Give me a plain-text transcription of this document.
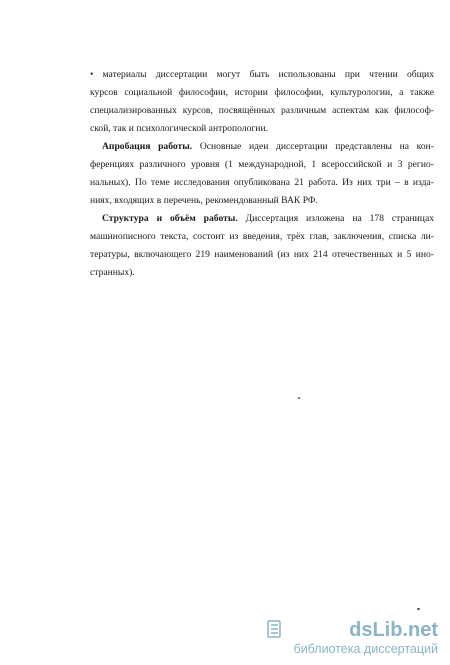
• материалы диссертации могут быть использованы при чтении общих
курсов социальной философии, истории философии, культурологии, а также
специализированных курсов, посвящённых различным аспектам как философ-
ской, так и психологической антропологии.
Апробация работы. Основные идеи диссертации представлены на кон-
ференциях различного уровня (1 международной, 1 всероссийской и 3 регио-
нальных). По теме исследования опубликована 21 работа. Из них три – в изда-
ниях, входящих в перечень, рекомендованный ВАК РФ.
Структура и объём работы. Диссертация изложена на 178 страницах
машинописного текста, состоит из введения, трёх глав, заключения, списка ли-
тературы, включающего 219 наименований (из них 214 отечественных и 5 ино-
странных).
dsLib.net
библиотека диссертаций
